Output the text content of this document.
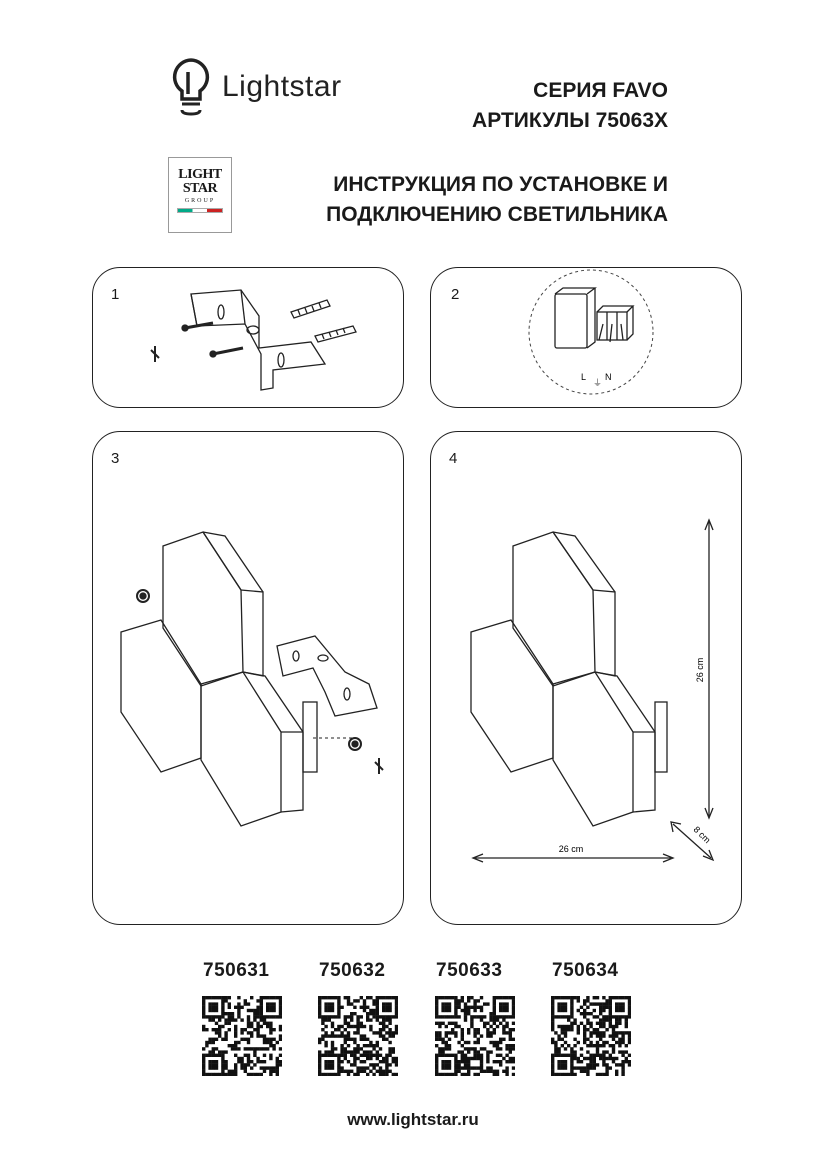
Lightstar	СЕРИЯ FAVO
АРТИКУЛЫ 75063X
LIGHT
STAR
GROUP
ИНСТРУКЦИЯ ПО УСТАНОВКЕ И
ПОДКЛЮЧЕНИЮ СВЕТИЛЬНИКА
1	2
L
⏚
N
3	4
26 cm
26 cm
8 cm
750631	750632	750633	750634
www.lightstar.ru
